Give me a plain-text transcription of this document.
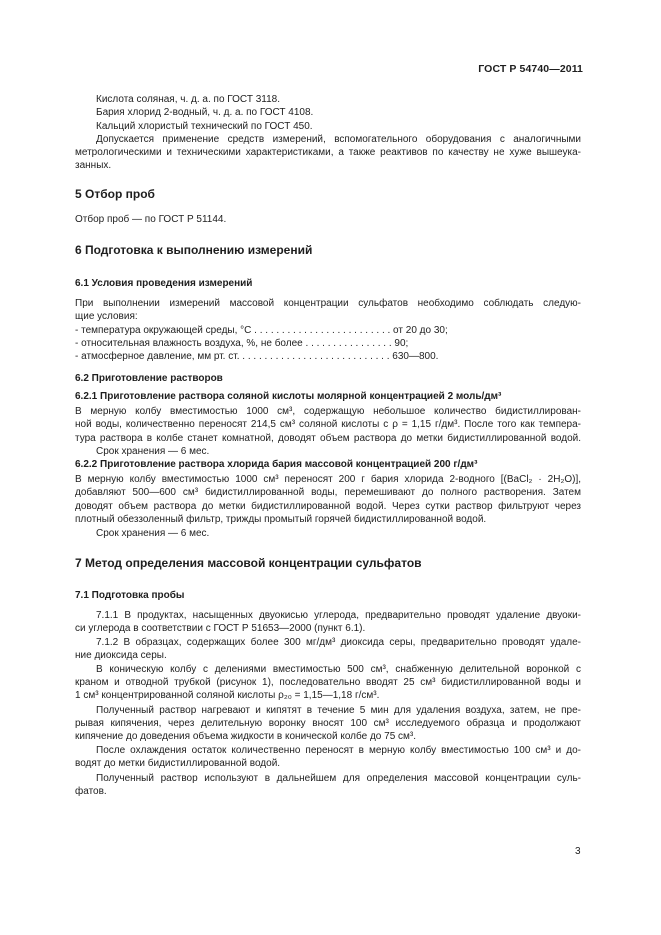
ГОСТ Р 54740—2011
Кислота соляная, ч. д. а. по ГОСТ 3118.
Бария хлорид 2-водный, ч. д. а. по ГОСТ 4108.
Кальций хлористый технический по ГОСТ 450.
Допускается применение средств измерений, вспомогательного оборудования с аналогичными
метрологическими и техническими характеристиками, а также реактивов по качеству не хуже вышеука-
занных.
5 Отбор проб
Отбор проб — по ГОСТ Р 51144.
6 Подготовка к выполнению измерений
6.1 Условия проведения измерений
При выполнении измерений массовой концентрации сульфатов необходимо соблюдать следую-
щие условия:
- температура окружающей среды, °С . . . . . . . . . . . . . . . . . . . . . . . . . от 20 до 30;
- относительная влажность воздуха, %, не более . . . . . . . . . . . . . . . . 90;
- атмосферное давление, мм рт. ст. . . . . . . . . . . . . . . . . . . . . . . . . . . . 630—800.
6.2 Приготовление растворов
6.2.1 Приготовление раствора соляной кислоты молярной концентрацией 2 моль/дм³
В мерную колбу вместимостью 1000 см³, содержащую небольшое количество бидистиллирован-
ной воды, количественно переносят 214,5 см³ соляной кислоты с ρ = 1,15 г/дм³. После того как темпера-
тура раствора в колбе станет комнатной, доводят объем раствора до метки бидистиллированной водой.
Срок хранения — 6 мес.
6.2.2 Приготовление раствора хлорида бария массовой концентрацией 200 г/дм³
В мерную колбу вместимостью 1000 см³ переносят 200 г бария хлорида 2-водного [(BaCl₂ · 2H₂O)],
добавляют 500—600 см³ бидистиллированной воды, перемешивают до полного растворения. Затем
доводят объем раствора до метки бидистиллированной водой. Через сутки раствор фильтруют через
плотный обеззоленный фильтр, трижды промытый горячей бидистиллированной водой.
Срок хранения — 6 мес.
7 Метод определения массовой концентрации сульфатов
7.1 Подготовка пробы
7.1.1 В продуктах, насыщенных двуокисью углерода, предварительно проводят удаление двуоки-
си углерода в соответствии с ГОСТ Р 51653—2000 (пункт 6.1).
7.1.2 В образцах, содержащих более 300 мг/дм³ диоксида серы, предварительно проводят удале-
ние диоксида серы.
В коническую колбу с делениями вместимостью 500 см³, снабженную делительной воронкой с
краном и отводной трубкой (рисунок 1), последовательно вводят 25 см³ бидистиллированной воды и
1 см³ концентрированной соляной кислоты ρ₂₀ = 1,15—1,18 г/см³.
Полученный раствор нагревают и кипятят в течение 5 мин для удаления воздуха, затем, не пре-
рывая кипячения, через делительную воронку вносят 100 см³ исследуемого образца и продолжают
кипячение до доведения объема жидкости в конической колбе до 75 см³.
После охлаждения остаток количественно переносят в мерную колбу вместимостью 100 см³ и до-
водят до метки бидистиллированной водой.
Полученный раствор используют в дальнейшем для определения массовой концентрации суль-
фатов.
3
